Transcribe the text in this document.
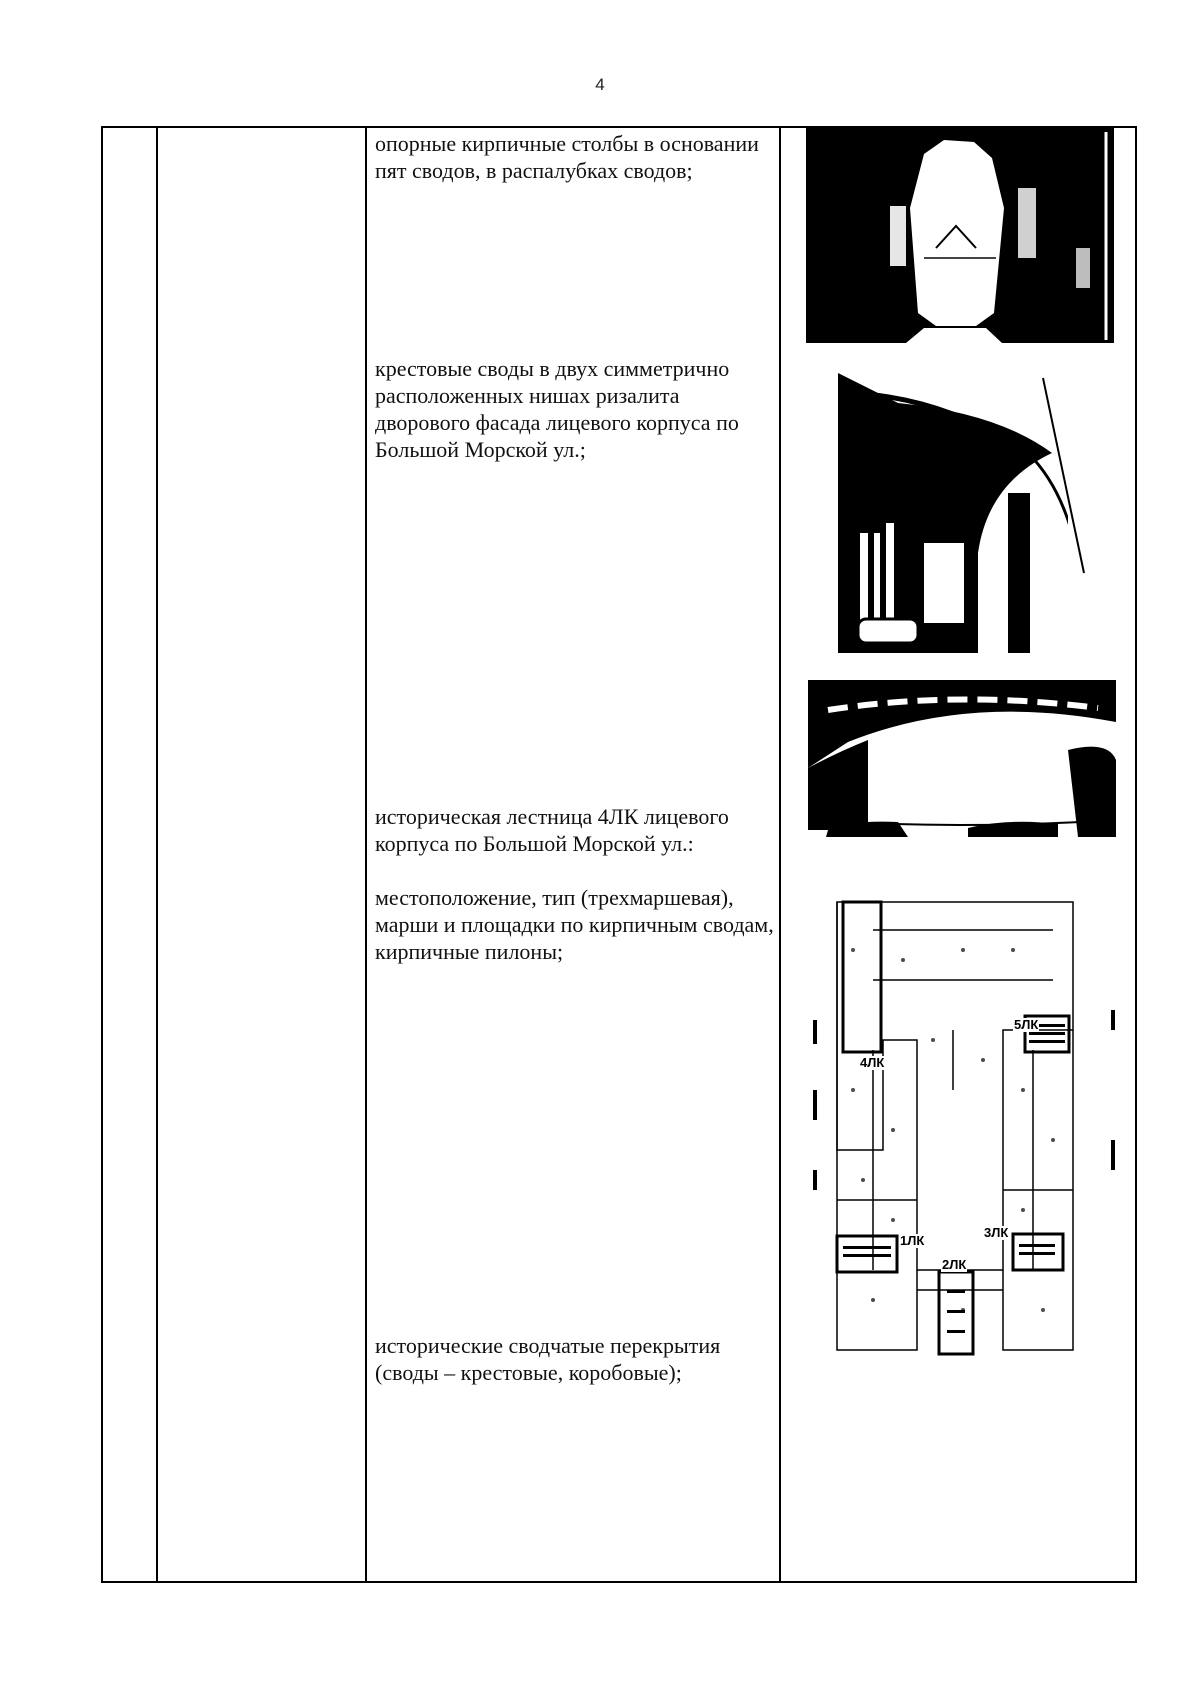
4
опорные кирпичные столбы в основании пят сводов, в распалубках сводов;
крестовые своды в двух симметрично расположенных нишах ризалита дворового фасада лицевого корпуса по Большой Морской ул.;
историческая лестница 4ЛК лицевого корпуса по Большой Морской ул.:
местоположение, тип (трехмаршевая), марши и площадки по кирпичным сводам, кирпичные пилоны;
исторические сводчатые перекрытия (своды – крестовые, коробовые);
5ЛК
4ЛК
1ЛК
3ЛК
2ЛК
